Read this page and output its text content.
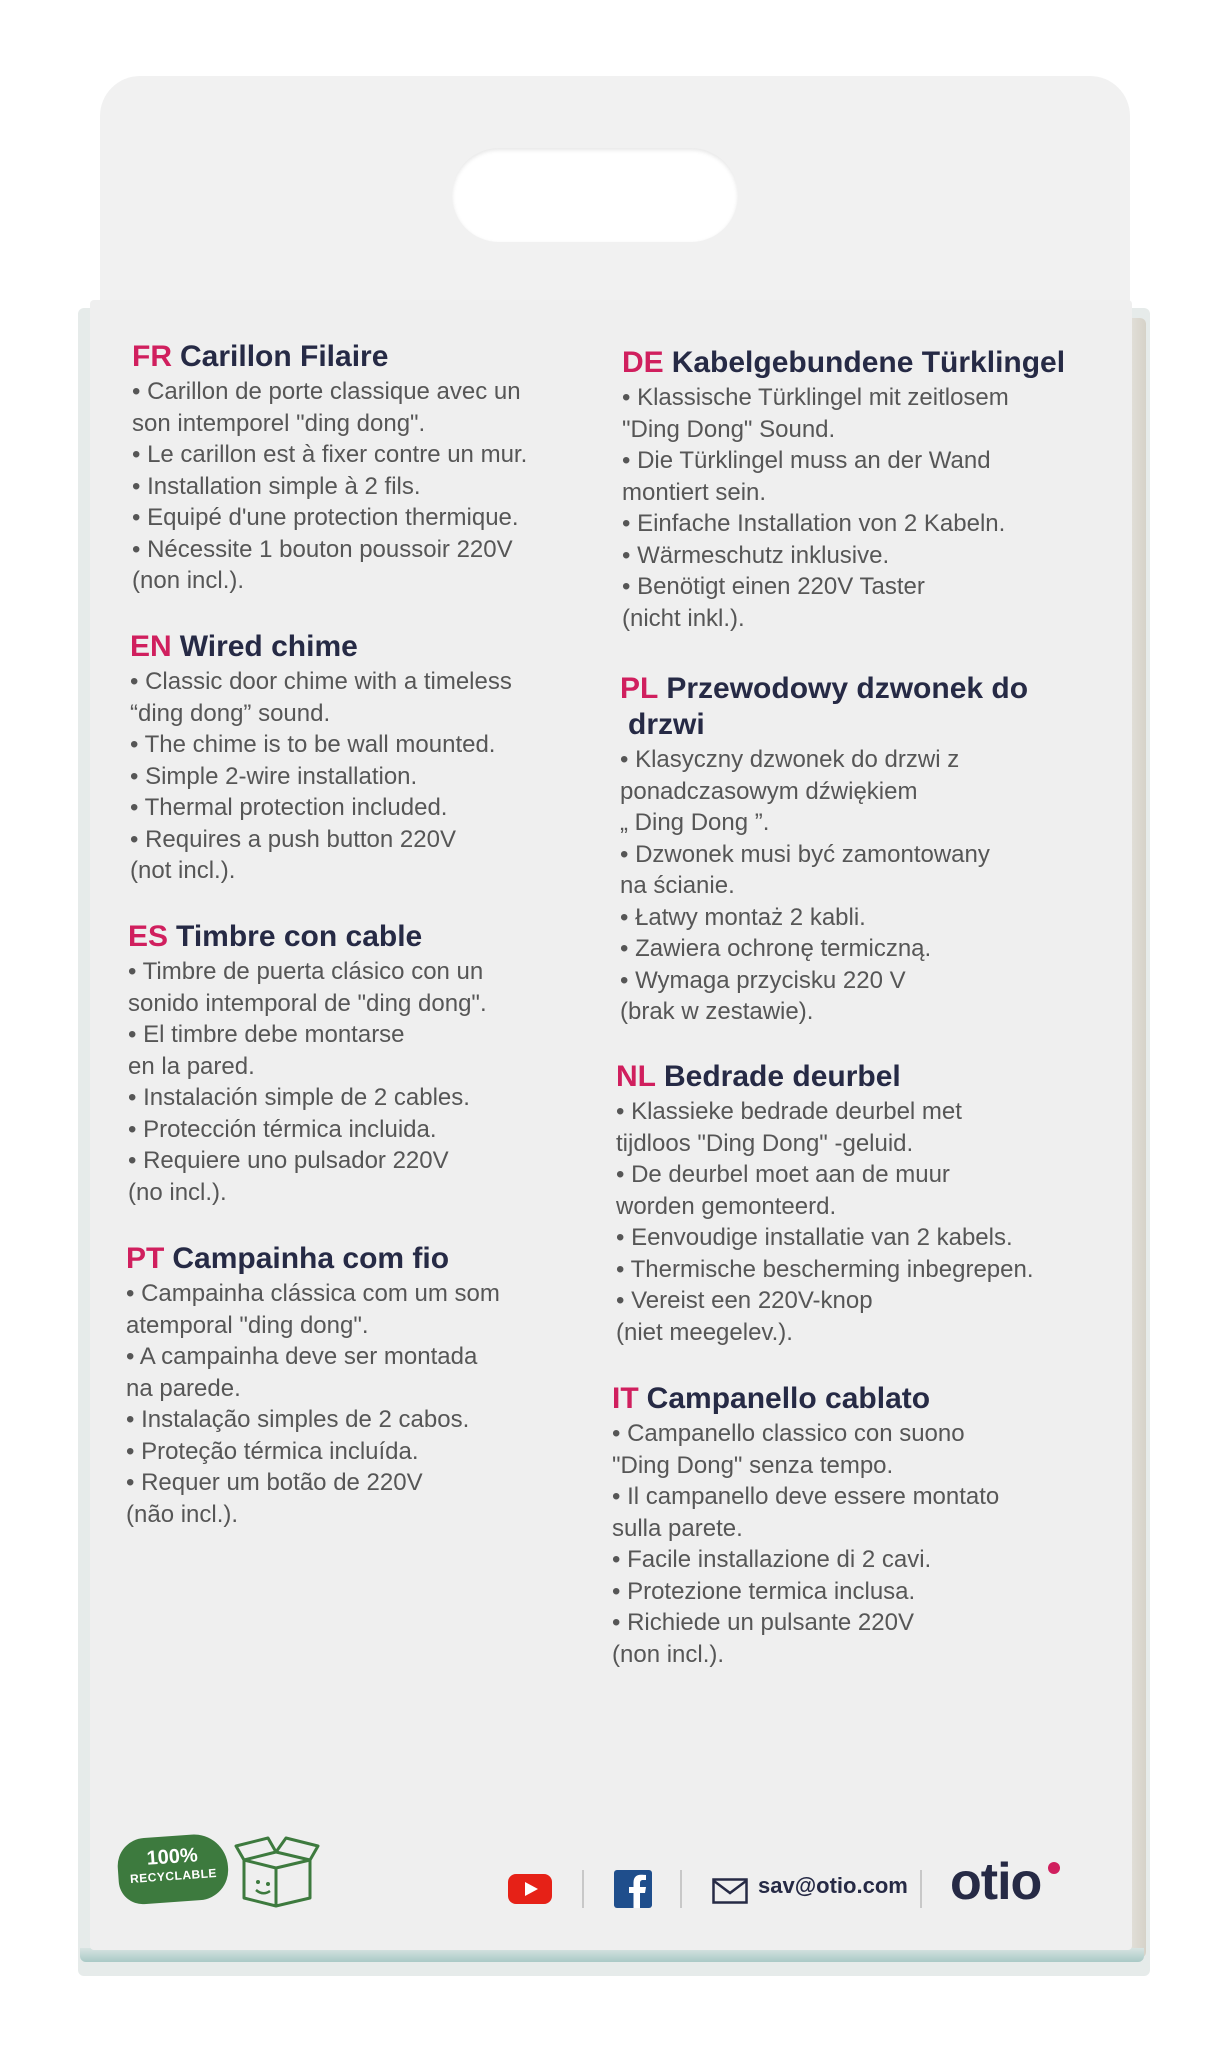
FR Carillon Filaire
• Carillon de porte classique avec un
son intemporel "ding dong".
• Le carillon est à fixer contre un mur.
• Installation simple à 2 fils.
• Equipé d'une protection thermique.
• Nécessite 1 bouton poussoir 220V
(non incl.).
EN Wired chime
• Classic door chime with a timeless
“ding dong” sound.
• The chime is to be wall mounted.
• Simple 2-wire installation.
• Thermal protection included.
• Requires a push button 220V
(not incl.).
ES Timbre con cable
• Timbre de puerta clásico con un
sonido intemporal de "ding dong".
• El timbre debe montarse
en la pared.
• Instalación simple de 2 cables.
• Protección térmica incluida.
• Requiere uno pulsador 220V
(no incl.).
PT Campainha com fio
• Campainha clássica com um som
atemporal "ding dong".
• A campainha deve ser montada
na parede.
• Instalação simples de 2 cabos.
• Proteção térmica incluída.
• Requer um botão de 220V
(não incl.).
DE Kabelgebundene Türklingel
• Klassische Türklingel mit zeitlosem
"Ding Dong" Sound.
• Die Türklingel muss an der Wand
montiert sein.
• Einfache Installation von 2 Kabeln.
• Wärmeschutz inklusive.
• Benötigt einen 220V Taster
(nicht inkl.).
PL Przewodowy dzwonek do
drzwi
• Klasyczny dzwonek do drzwi z
ponadczasowym dźwiękiem
„ Ding Dong ”.
• Dzwonek musi być zamontowany
na ścianie.
• Łatwy montaż 2 kabli.
• Zawiera ochronę termiczną.
• Wymaga przycisku 220 V
(brak w zestawie).
NL Bedrade deurbel
• Klassieke bedrade deurbel met
tijdloos "Ding Dong" -geluid.
• De deurbel moet aan de muur
worden gemonteerd.
• Eenvoudige installatie van 2 kabels.
• Thermische bescherming inbegrepen.
• Vereist een 220V-knop
(niet meegelev.).
IT Campanello cablato
• Campanello classico con suono
"Ding Dong" senza tempo.
• Il campanello deve essere montato
sulla parete.
• Facile installazione di 2 cavi.
• Protezione termica inclusa.
• Richiede un pulsante 220V
(non incl.).
100%
RECYCLABLE	sav@otio.com otio
